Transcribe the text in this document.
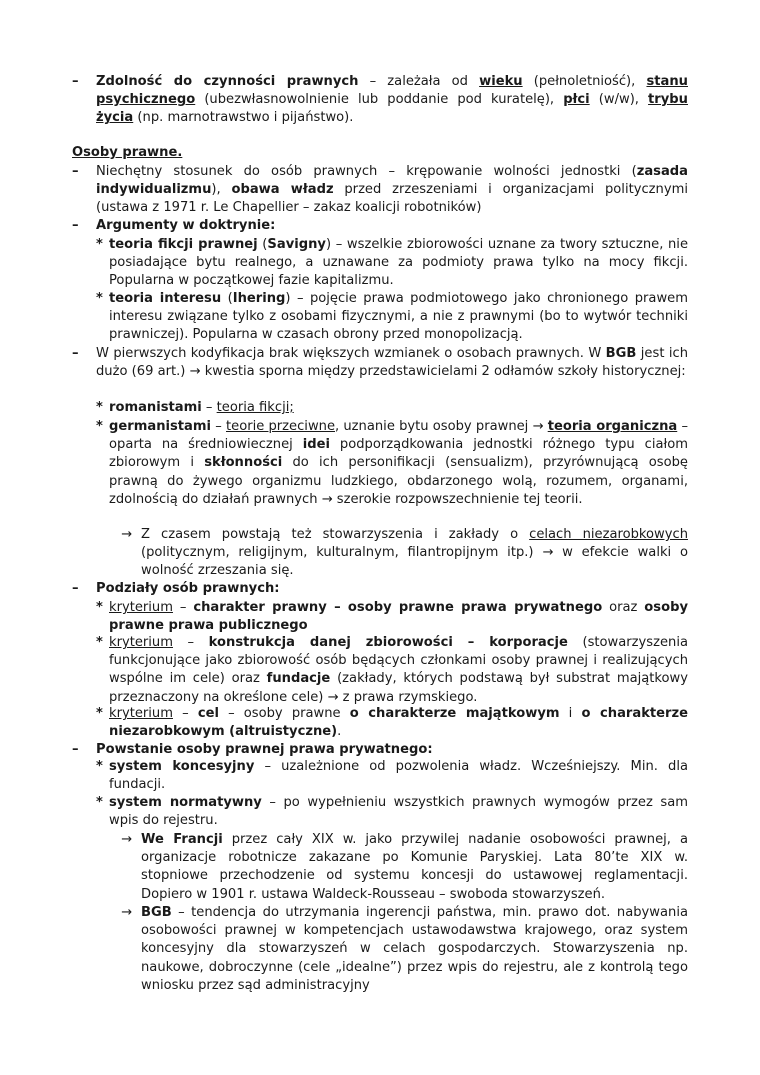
– Zdolność do czynności prawnych – zależała od wieku (pełnoletniość), stanu psychicznego (ubezwłasnowolnienie lub poddanie pod kuratelę), płci (w/w), trybu życia (np. marnotrawstwo i pijaństwo).

Osoby prawne.

– Niechętny stosunek do osób prawnych – krępowanie wolności jednostki (zasada indywidualizmu), obawa władz przed zrzeszeniami i organizacjami politycznymi (ustawa z 1971 r. Le Chapellier – zakaz koalicji robotników)

– Argumenty w doktrynie:

* teoria fikcji prawnej (Savigny) – wszelkie zbiorowości uznane za twory sztuczne, nie posiadające bytu realnego, a uznawane za podmioty prawa tylko na mocy fikcji. Popularna w początkowej fazie kapitalizmu.

* teoria interesu (Ihering) – pojęcie prawa podmiotowego jako chronionego prawem interesu związane tylko z osobami fizycznymi, a nie z prawnymi (bo to wytwór techniki prawniczej). Popularna w czasach obrony przed monopolizacją.

– W pierwszych kodyfikacja brak większych wzmianek o osobach prawnych. W BGB jest ich dużo (69 art.) → kwestia sporna między przedstawicielami 2 odłamów szkoły historycznej:

* romanistami – teoria fikcji;

* germanistami – teorie przeciwne, uznanie bytu osoby prawnej → teoria organiczna – oparta na średniowiecznej idei podporządkowania jednostki różnego typu ciałom zbiorowym i skłonności do ich personifikacji (sensualizm), przyrównującą osobę prawną do żywego organizmu ludzkiego, obdarzonego wolą, rozumem, organami, zdolnością do działań prawnych → szerokie rozpowszechnienie tej teorii.

→ Z czasem powstają też stowarzyszenia i zakłady o celach niezarobkowych (politycznym, religijnym, kulturalnym, filantropijnym itp.) → w efekcie walki o wolność zrzeszania się.

– Podziały osób prawnych:

* kryterium – charakter prawny – osoby prawne prawa prywatnego oraz osoby prawne prawa publicznego

* kryterium – konstrukcja danej zbiorowości – korporacje (stowarzyszenia funkcjonujące jako zbiorowość osób będących członkami osoby prawnej i realizujących wspólne im cele) oraz fundacje (zakłady, których podstawą był substrat majątkowy przeznaczony na określone cele) → z prawa rzymskiego.

* kryterium – cel – osoby prawne o charakterze majątkowym i o charakterze niezarobkowym (altruistyczne).

– Powstanie osoby prawnej prawa prywatnego:

* system koncesyjny – uzależnione od pozwolenia władz. Wcześniejszy. Min. dla fundacji.

* system normatywny – po wypełnieniu wszystkich prawnych wymogów przez sam wpis do rejestru.

→ We Francji przez cały XIX w. jako przywilej nadanie osobowości prawnej, a organizacje robotnicze zakazane po Komunie Paryskiej. Lata 80’te XIX w. stopniowe przechodzenie od systemu koncesji do ustawowej reglamentacji. Dopiero w 1901 r. ustawa Waldeck-Rousseau – swoboda stowarzyszeń.

→ BGB – tendencja do utrzymania ingerencji państwa, min. prawo dot. nabywania osobowości prawnej w kompetencjach ustawodawstwa krajowego, oraz system koncesyjny dla stowarzyszeń w celach gospodarczych. Stowarzyszenia np. naukowe, dobroczynne (cele „idealne”) przez wpis do rejestru, ale z kontrolą tego wniosku przez sąd administracyjny
